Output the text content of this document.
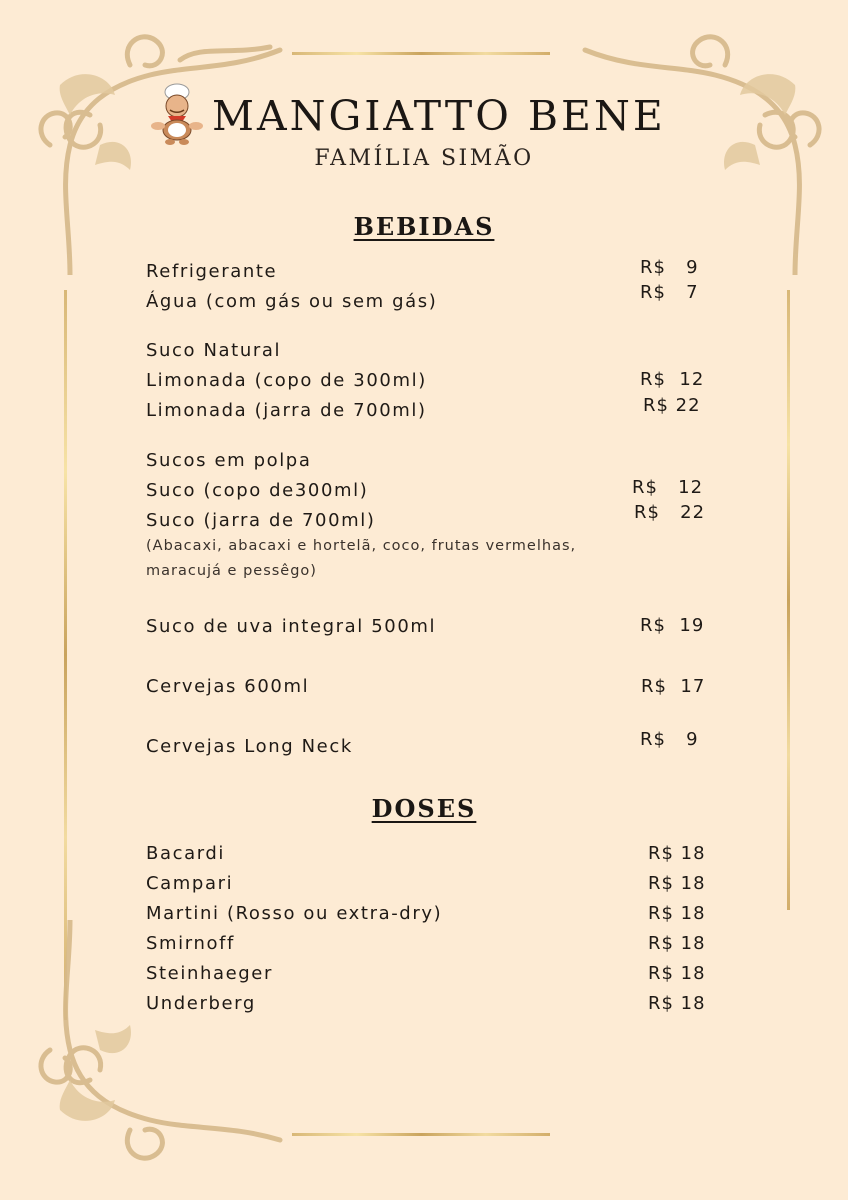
MANGIATTO BENE
FAMÍLIA SIMÃO
BEBIDAS
Refrigerante
Água (com gás ou sem gás)
Suco Natural
Limonada (copo de 300ml)
Limonada (jarra de 700ml)
Sucos em polpa
Suco (copo de300ml)
Suco (jarra de 700ml)
(Abacaxi, abacaxi e hortelã, coco, frutas vermelhas,
maracujá e pessêgo)
Suco de uva integral 500ml
Cervejas 600ml
Cervejas Long Neck
R$   9
R$   7
R$  12
R$ 22
R$   12
R$   22
R$  19
R$  17
R$   9
DOSES
Bacardi
Campari
Martini (Rosso ou extra-dry)
Smirnoff
Steinhaeger
Underberg
R$ 18
R$ 18
R$ 18
R$ 18
R$ 18
R$ 18
